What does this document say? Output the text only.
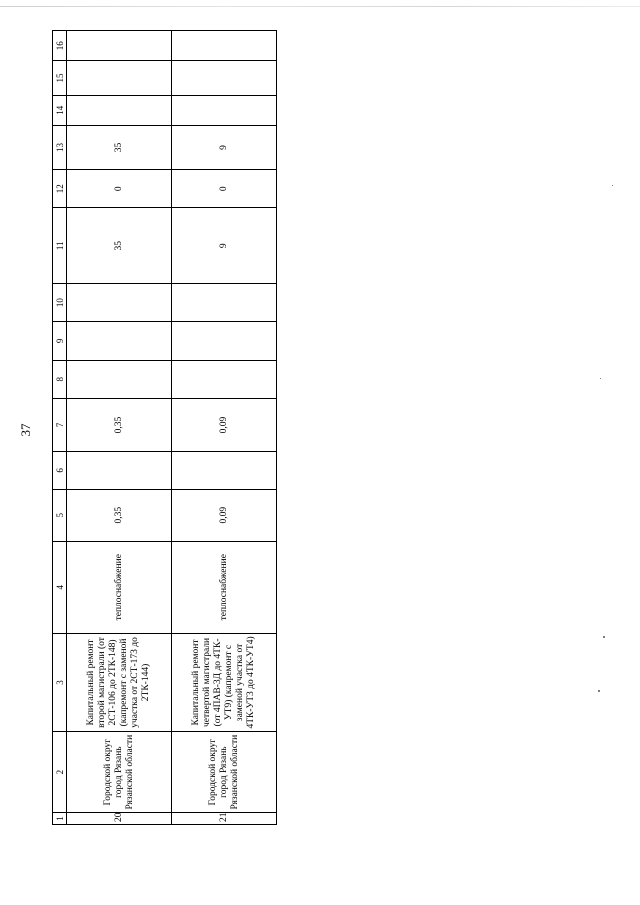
37
1	2	3	4	5	6	7	8	9	10	11	12	13	14	15	16
20	Городской округ город Рязань Рязанской области	Капитальный ремонт второй магистрали (от 2СТ-106 до 2ТК-148) (капремонт с заменой участка от 2СТ-173 до 2ТК-144)	теплоснабжение	0,35		0,35				35	0	35			
21	Городской округ город Рязань Рязанской области	Капитальный ремонт четвертой магистрали (от 4ПАВ-3Д до 4ТК-УТ9) (капремонт с заменой участка от 4ТК-УТ3 до 4ТК-УТ4)	теплоснабжение	0,09		0,09				9	0	9			
